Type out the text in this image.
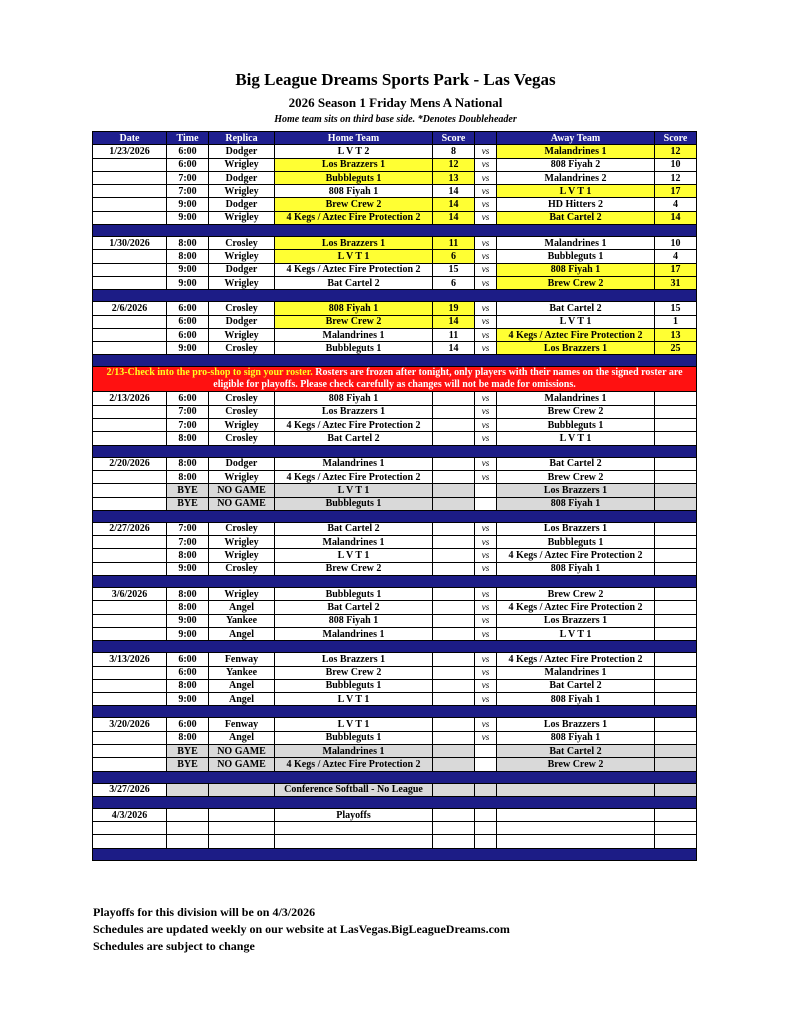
Big League Dreams Sports Park - Las Vegas
2026 Season 1 Friday Mens A National
Home team sits on third base side. *Denotes Doubleheader
Date	Time	Replica	Home Team	Score		Away Team	Score
1/23/2026	6:00	Dodger	L V T 2	8	vs	Malandrines 1	12
	6:00	Wrigley	Los Brazzers 1	12	vs	808 Fiyah 2	10
	7:00	Dodger	Bubbleguts 1	13	vs	Malandrines 2	12
	7:00	Wrigley	808 Fiyah 1	14	vs	L V T 1	17
	9:00	Dodger	Brew Crew 2	14	vs	HD Hitters 2	4
	9:00	Wrigley	4 Kegs / Aztec Fire Protection 2	14	vs	Bat Cartel 2	14

1/30/2026	8:00	Crosley	Los Brazzers 1	11	vs	Malandrines 1	10
	8:00	Wrigley	L V T 1	6	vs	Bubbleguts 1	4
	9:00	Dodger	4 Kegs / Aztec Fire Protection 2	15	vs	808 Fiyah 1	17
	9:00	Wrigley	Bat Cartel 2	6	vs	Brew Crew 2	31

2/6/2026	6:00	Crosley	808 Fiyah 1	19	vs	Bat Cartel 2	15
	6:00	Dodger	Brew Crew 2	14	vs	L V T 1	1
	6:00	Wrigley	Malandrines 1	11	vs	4 Kegs / Aztec Fire Protection 2	13
	9:00	Crosley	Bubbleguts 1	14	vs	Los Brazzers 1	25

2/13-Check into the pro-shop to sign your roster. Rosters are frozen after tonight, only players with their names on the signed roster are eligible for playoffs. Please check carefully as changes will not be made for omissions.							
2/13/2026	6:00	Crosley	808 Fiyah 1		vs	Malandrines 1	
	7:00	Crosley	Los Brazzers 1		vs	Brew Crew 2	
	7:00	Wrigley	4 Kegs / Aztec Fire Protection 2		vs	Bubbleguts 1	
	8:00	Crosley	Bat Cartel 2		vs	L V T 1	

2/20/2026	8:00	Dodger	Malandrines 1		vs	Bat Cartel 2	
	8:00	Wrigley	4 Kegs / Aztec Fire Protection 2		vs	Brew Crew 2	
	BYE	NO GAME	L V T 1			Los Brazzers 1	
	BYE	NO GAME	Bubbleguts 1			808 Fiyah 1	

2/27/2026	7:00	Crosley	Bat Cartel 2		vs	Los Brazzers 1	
	7:00	Wrigley	Malandrines 1		vs	Bubbleguts 1	
	8:00	Wrigley	L V T 1		vs	4 Kegs / Aztec Fire Protection 2	
	9:00	Crosley	Brew Crew 2		vs	808 Fiyah 1	

3/6/2026	8:00	Wrigley	Bubbleguts 1		vs	Brew Crew 2	
	8:00	Angel	Bat Cartel 2		vs	4 Kegs / Aztec Fire Protection 2	
	9:00	Yankee	808 Fiyah 1		vs	Los Brazzers 1	
	9:00	Angel	Malandrines 1		vs	L V T 1	

3/13/2026	6:00	Fenway	Los Brazzers 1		vs	4 Kegs / Aztec Fire Protection 2	
	6:00	Yankee	Brew Crew 2		vs	Malandrines 1	
	8:00	Angel	Bubbleguts 1		vs	Bat Cartel 2	
	9:00	Angel	L V T 1		vs	808 Fiyah 1	

3/20/2026	6:00	Fenway	L V T 1		vs	Los Brazzers 1	
	8:00	Angel	Bubbleguts 1		vs	808 Fiyah 1	
	BYE	NO GAME	Malandrines 1			Bat Cartel 2	
	BYE	NO GAME	4 Kegs / Aztec Fire Protection 2			Brew Crew 2	

3/27/2026			Conference Softball - No League				

4/3/2026			Playoffs				

Playoffs for this division will be on 4/3/2026
Schedules are updated weekly on our website at LasVegas.BigLeagueDreams.com
Schedules are subject to change
